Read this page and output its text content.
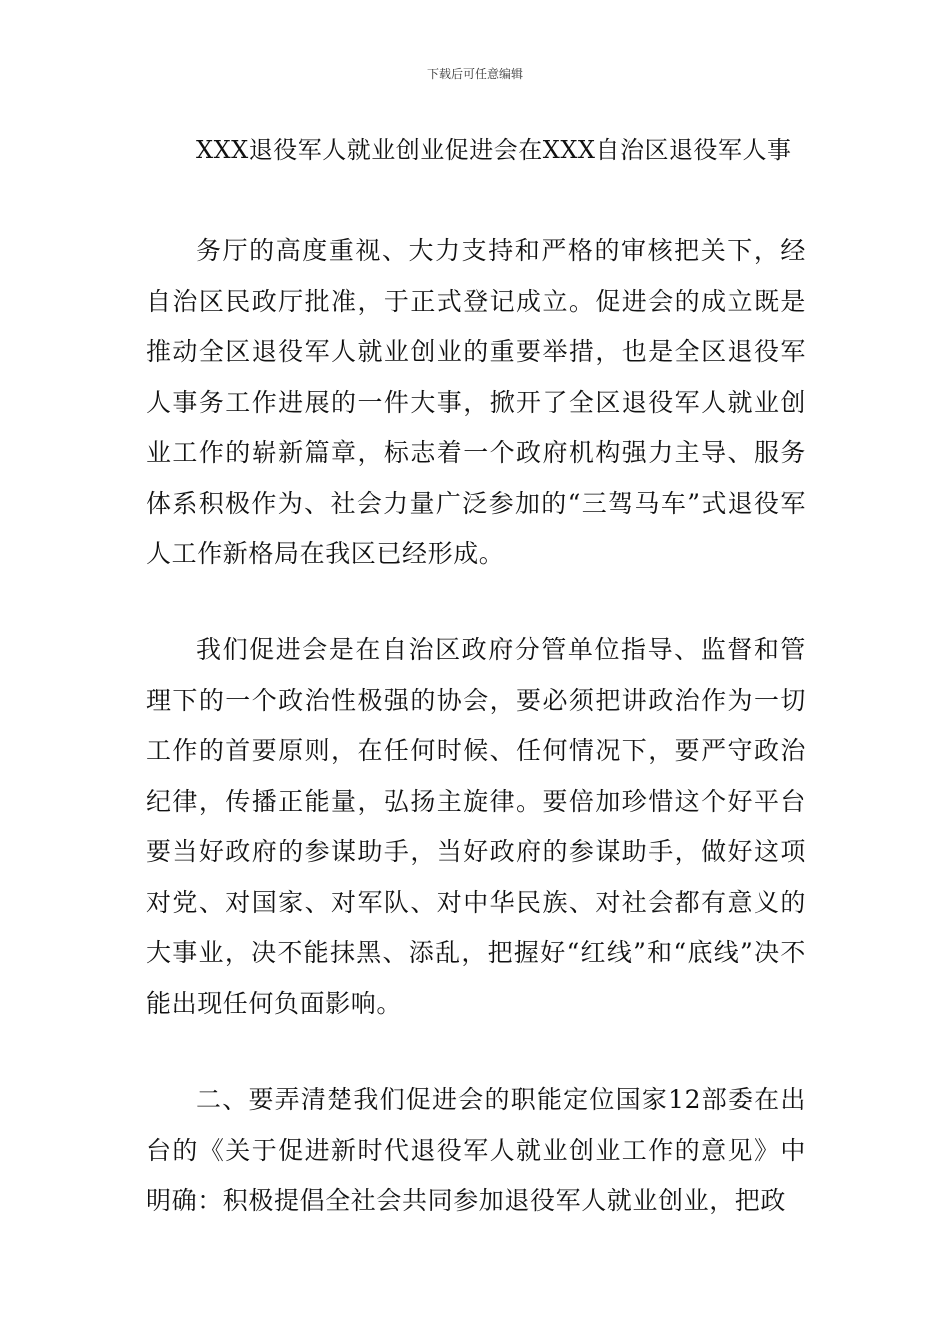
下载后可任意编辑
XXX退役军人就业创业促进会在XXX自治区退役军人事

务厅的高度重视、大力支持和严格的审核把关下，经自治区民政厅批准，于正式登记成立。促进会的成立既是推动全区退役军人就业创业的重要举措，也是全区退役军人事务工作进展的一件大事，掀开了全区退役军人就业创业工作的崭新篇章，标志着一个政府机构强力主导、服务体系积极作为、社会力量广泛参加的“三驾马车”式退役军人工作新格局在我区已经形成。

我们促进会是在自治区政府分管单位指导、监督和管理下的一个政治性极强的协会，要必须把讲政治作为一切工作的首要原则，在任何时候、任何情况下，要严守政治纪律，传播正能量，弘扬主旋律。要倍加珍惜这个好平台要当好政府的参谋助手，当好政府的参谋助手，做好这项对党、对国家、对军队、对中华民族、对社会都有意义的大事业，决不能抹黑、添乱，把握好“红线”和“底线”决不能出现任何负面影响。

二、要弄清楚我们促进会的职能定位国家12部委在出台的《关于促进新时代退役军人就业创业工作的意见》中明确：积极提倡全社会共同参加退役军人就业创业，把政
